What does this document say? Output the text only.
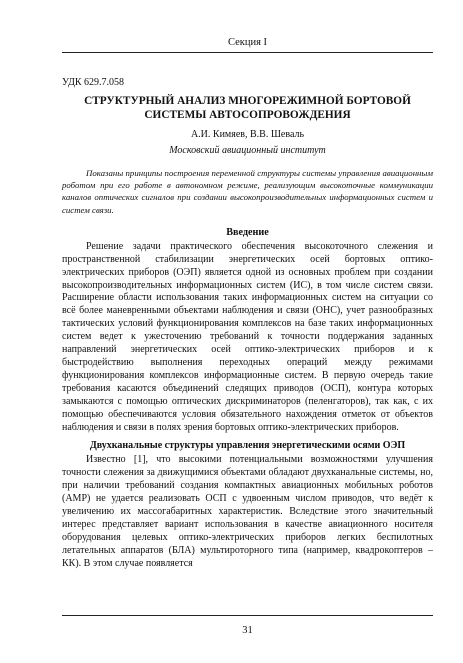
Секция I

УДК 629.7.058

СТРУКТУРНЫЙ АНАЛИЗ МНОГОРЕЖИМНОЙ БОРТОВОЙ
СИСТЕМЫ АВТОСОПРОВОЖДЕНИЯ

А.И. Кимяев, В.В. Шеваль

Московский авиационный институт

Показаны принципы построения переменной структуры системы управления авиационным роботом при его работе в автономном режиме, реализующим высокоточные коммуникации каналов оптических сигналов при создании высокопроизводительных информационных систем и систем связи.

Введение

Решение задачи практического обеспечения высокоточного слежения и пространственной стабилизации энергетических осей бортовых оптико-электрических приборов (ОЭП) является одной из основных проблем при создании высокопроизводительных информационных систем (ИС), в том числе систем связи. Расширение области использования таких информационных систем на ситуации со всё более маневренными объектами наблюдения и связи (ОНС), учет разнообразных тактических условий функционирования комплексов на базе таких информационных систем ведет к ужесточению требований к точности поддержания заданных направлений энергетических осей оптико-электрических приборов и к быстродействию выполнения переходных операций между режимами функционирования комплексов информационные систем. В первую очередь такие требования касаются объединений следящих приводов (ОСП), контура которых замыкаются с помощью оптических дискриминаторов (пеленгаторов), так как, с их помощью обеспечиваются условия обязательного нахождения отметок от объектов наблюдения и связи в полях зрения бортовых оптико-электрических приборов.

Двухканальные структуры управления энергетическими осями ОЭП

Известно [1], что высокими потенциальными возможностями улучшения точности слежения за движущимися объектами обладают двухканальные системы, но, при наличии требований создания компактных авиационных мобильных роботов (АМР) не удается реализовать ОСП с удвоенным числом приводов, что ведёт к увеличению их массогабаритных характеристик. Вследствие этого значительный интерес представляет вариант использования в качестве авиационного носителя оборудования целевых оптико-электрических приборов легких беспилотных летательных аппаратов (БЛА) мультироторного типа (например, квадрокоптеров – КК). В этом случае появляется

31
